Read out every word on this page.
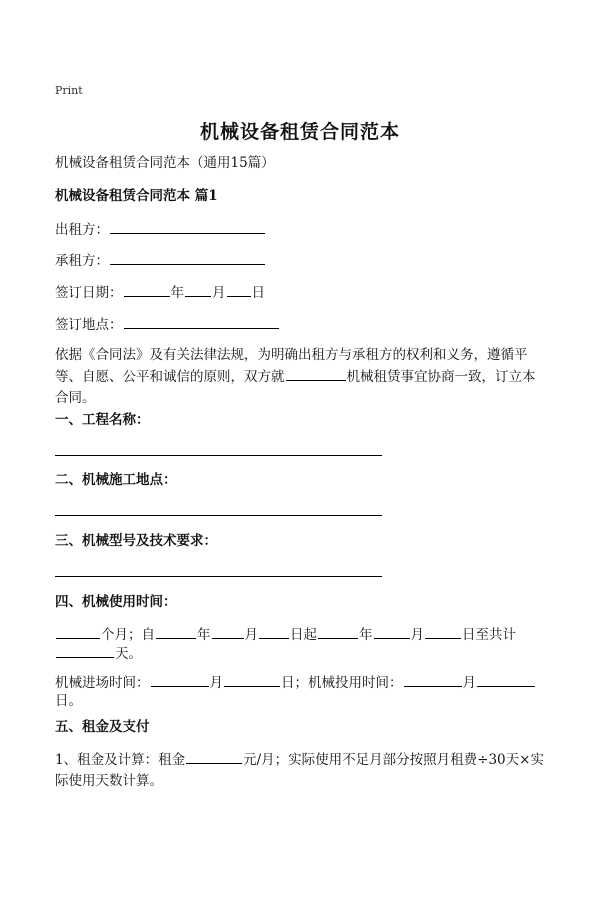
Print
机械设备租赁合同范本
机械设备租赁合同范本（通用15篇）
机械设备租赁合同范本 篇1
出租方：
承租方：
签订日期：	年 月 日
签订地点：
依据《合同法》及有关法律法规，为明确出租方与承租方的权利和义务，遵循平等、自愿、公平和诚信的原则，双方就	机械租赁事宜协商一致，订立本合同。
一、工程名称：
二、机械施工地点：
三、机械型号及技术要求：
四、机械使用时间：
个月；自	年	月 日起	年	月	日至共计
天。
机械进场时间：	月	日；机械投用时间：	月
日。
五、租金及支付
1、租金及计算：租金	元/月；实际使用不足月部分按照月租费÷30天×实际使用天数计算。
